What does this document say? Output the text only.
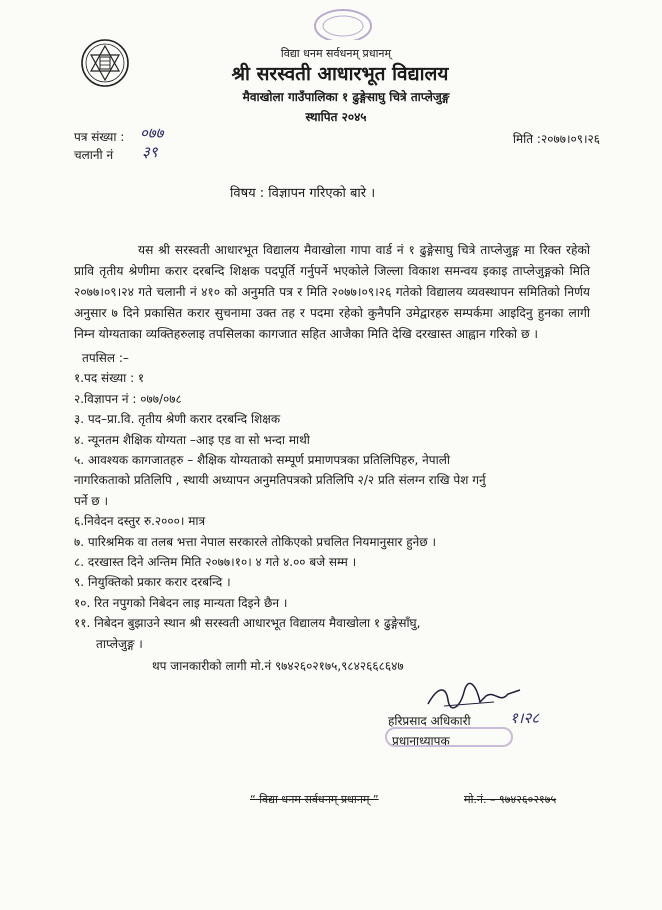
विद्या धनम सर्वधनम् प्रधानम्
श्री सरस्वती आधारभूत विद्यालय
मैवाखोला गाउँपालिका १ ढुङ्गेसाघु चित्रे ताप्लेजुङ्ग
स्थापित २०४५
पत्र संख्या : ०७७
चलानी नं ३९
मिति :२०७७।०९।२६
विषय : विज्ञापन गरिएको बारे ।
यस श्री सरस्वती आधारभूत विद्यालय मैवाखोला गापा वार्ड नं १ ढुङ्गेसाघु चित्रे ताप्लेजुङ्ग मा रिक्त रहेको प्रावि तृतीय श्रेणीमा करार दरबन्दि शिक्षक पदपूर्ति गर्नुपर्ने भएकोले जिल्ला विकाश समन्वय इकाइ ताप्लेजुङ्गको मिति २०७७।०९।२४ गते चलानी नं ४१० को अनुमति पत्र र मिति २०७७।०९।२६ गतेको विद्यालय व्यवस्थापन समितिको निर्णय अनुसार ७ दिने प्रकासित करार सुचनामा उक्त तह र पदमा रहेको कुनैपनि उमेद्वारहरु सम्पर्कमा आइदिनु हुनका लागी निम्न योग्यताका व्यक्तिहरुलाइ तपसिलका कागजात सहित आजैका मिति देखि दरखास्त आह्वान गरिको छ ।
तपसिल :–
१.पद संख्या : १
२.विज्ञापन नं : ०७७/०७८
३. पद–प्रा.वि. तृतीय श्रेणी करार दरबन्दि शिक्षक
४. न्यूनतम शैक्षिक योग्यता –आइ एड वा सो भन्दा माथी
५. आवश्यक कागजातहरु – शैक्षिक योग्यताको सम्पूर्ण प्रमाणपत्रका प्रतिलिपिहरु, नेपाली
नागरिकताको प्रतिलिपि , स्थायी अध्यापन अनुमतिपत्रको प्रतिलिपि २/२ प्रति संलग्न राखि पेश गर्नु
पर्ने छ ।
६.निवेदन दस्तुर रु.२०००। मात्र
७. पारिश्रमिक वा तलब भत्ता नेपाल सरकारले तोकिएको प्रचलित नियमानुसार हुनेछ ।
८. दरखास्त दिने अन्तिम मिति २०७७।१०। ४ गते ४.०० बजे सम्म ।
९. नियुक्तिको प्रकार करार दरबन्दि ।
१०. रित नपुगको निबेदन लाइ मान्यता दिइने छैन ।
११. निबेदन बुझाउने स्थान श्री सरस्वती आधारभूत विद्यालय मैवाखोला १ ढुङ्गेसाँघु,
ताप्लेजुङ्ग ।
थप जानकारीको लागी मो.नं ९७४२६०२१७५,९८४२६६८६४७
१।२८
हरिप्रसाद अधिकारी
प्रधानाध्यापक
“ विद्या धनम सर्वधनम् प्रधानम् ”	मो.नं. – ९७४२६०२१७५
